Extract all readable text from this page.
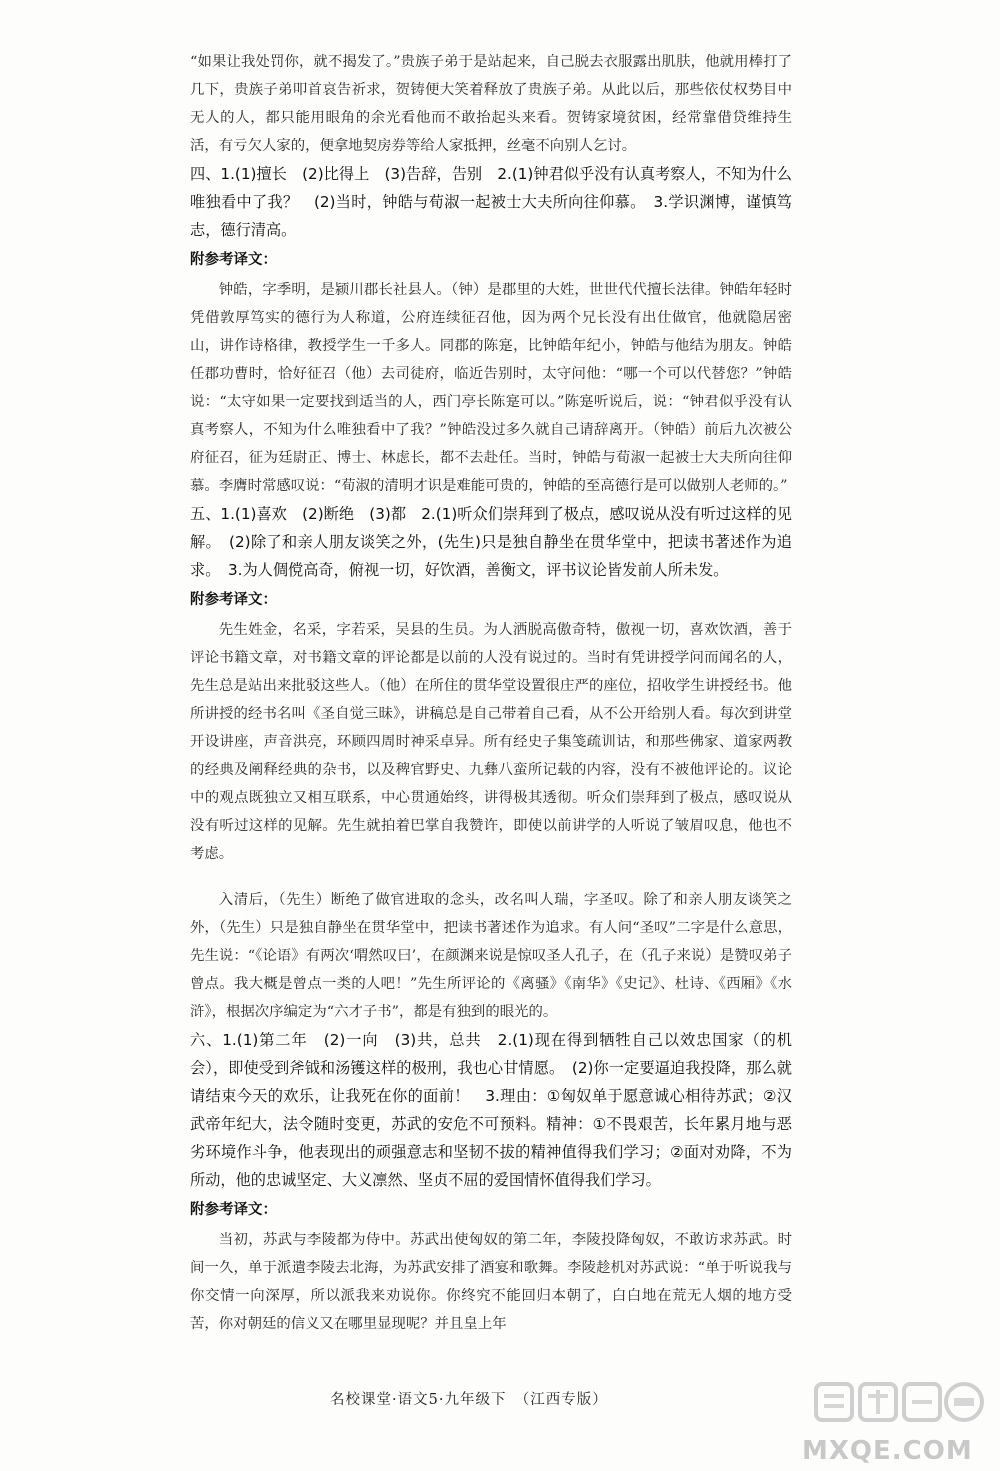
“如果让我处罚你，就不揭发了。”贵族子弟于是站起来，自己脱去衣服露出肌肤，他就用棒打了几下，贵族子弟叩首哀告祈求，贺铸便大笑着释放了贵族子弟。从此以后，那些依仗权势目中无人的人，都只能用眼角的余光看他而不敢抬起头来看。贺铸家境贫困，经常靠借贷维持生活，有亏欠人家的，便拿地契房券等给人家抵押，丝毫不向别人乞讨。

四、1.(1)擅长　(2)比得上　(3)告辞，告别　2.(1)钟君似乎没有认真考察人，不知为什么唯独看中了我？　(2)当时，钟皓与荀淑一起被士大夫所向往仰慕。　3.学识渊博，谨慎笃志，德行清高。

附参考译文：

钟皓，字季明，是颍川郡长社县人。（钟）是郡里的大姓，世世代代擅长法律。钟皓年轻时凭借敦厚笃实的德行为人称道，公府连续征召他，因为两个兄长没有出仕做官，他就隐居密山，讲作诗格律，教授学生一千多人。同郡的陈寔，比钟皓年纪小，钟皓与他结为朋友。钟皓任郡功曹时，恰好征召（他）去司徒府，临近告别时，太守问他：“哪一个可以代替您？”钟皓说：“太守如果一定要找到适当的人，西门亭长陈寔可以。”陈寔听说后，说：“钟君似乎没有认真考察人，不知为什么唯独看中了我？”钟皓没过多久就自己请辞离开。（钟皓）前后九次被公府征召，征为廷尉正、博士、林虑长，都不去赴任。当时，钟皓与荀淑一起被士大夫所向往仰慕。李膺时常感叹说：“荀淑的清明才识是难能可贵的，钟皓的至高德行是可以做别人老师的。”

五、1.(1)喜欢　(2)断绝　(3)都　2.(1)听众们崇拜到了极点，感叹说从没有听过这样的见解。　(2)除了和亲人朋友谈笑之外，(先生)只是独自静坐在贯华堂中，把读书著述作为追求。　3.为人倜傥高奇，俯视一切，好饮酒，善衡文，评书议论皆发前人所未发。

附参考译文：

先生姓金，名采，字若采，吴县的生员。为人洒脱高傲奇特，傲视一切，喜欢饮酒，善于评论书籍文章，对书籍文章的评论都是以前的人没有说过的。当时有凭讲授学问而闻名的人，先生总是站出来批驳这些人。（他）在所住的贯华堂设置很庄严的座位，招收学生讲授经书。他所讲授的经书名叫《圣自觉三昧》，讲稿总是自己带着自己看，从不公开给别人看。每次到讲堂开设讲座，声音洪亮，环顾四周时神采卓异。所有经史子集笺疏训诂，和那些佛家、道家两教的经典及阐释经典的杂书，以及稗官野史、九彝八蛮所记载的内容，没有不被他评论的。议论中的观点既独立又相互联系，中心贯通始终，讲得极其透彻。听众们崇拜到了极点，感叹说从没有听过这样的见解。先生就拍着巴掌自我赞许，即使以前讲学的人听说了皱眉叹息，他也不考虑。

入清后，（先生）断绝了做官进取的念头，改名叫人瑞，字圣叹。除了和亲人朋友谈笑之外，（先生）只是独自静坐在贯华堂中，把读书著述作为追求。有人问“圣叹”二字是什么意思，先生说：“《论语》有两次‘喟然叹曰’，在颜渊来说是惊叹圣人孔子，在（孔子来说）是赞叹弟子曾点。我大概是曾点一类的人吧！”先生所评论的《离骚》《南华》《史记》、杜诗、《西厢》《水浒》，根据次序编定为“六才子书”，都是有独到的眼光的。

六、1.(1)第二年　(2)一向　(3)共，总共　2.(1)现在得到牺牲自己以效忠国家（的机会），即使受到斧钺和汤镬这样的极刑，我也心甘情愿。　(2)你一定要逼迫我投降，那么就请结束今天的欢乐，让我死在你的面前！　3.理由：①匈奴单于愿意诚心相待苏武；②汉武帝年纪大，法令随时变更，苏武的安危不可预料。精神：①不畏艰苦，长年累月地与恶劣环境作斗争，他表现出的顽强意志和坚韧不拔的精神值得我们学习；②面对劝降，不为所动，他的忠诚坚定、大义凛然、坚贞不屈的爱国情怀值得我们学习。

附参考译文：

当初，苏武与李陵都为侍中。苏武出使匈奴的第二年，李陵投降匈奴，不敢访求苏武。时间一久，单于派遣李陵去北海，为苏武安排了酒宴和歌舞。李陵趁机对苏武说：“单于听说我与你交情一向深厚，所以派我来劝说你。你终究不能回归本朝了，白白地在荒无人烟的地方受苦，你对朝廷的信义又在哪里显现呢？并且皇上年

名校课堂·语文5·九年级下　（江西专版）
MXQE.COM
